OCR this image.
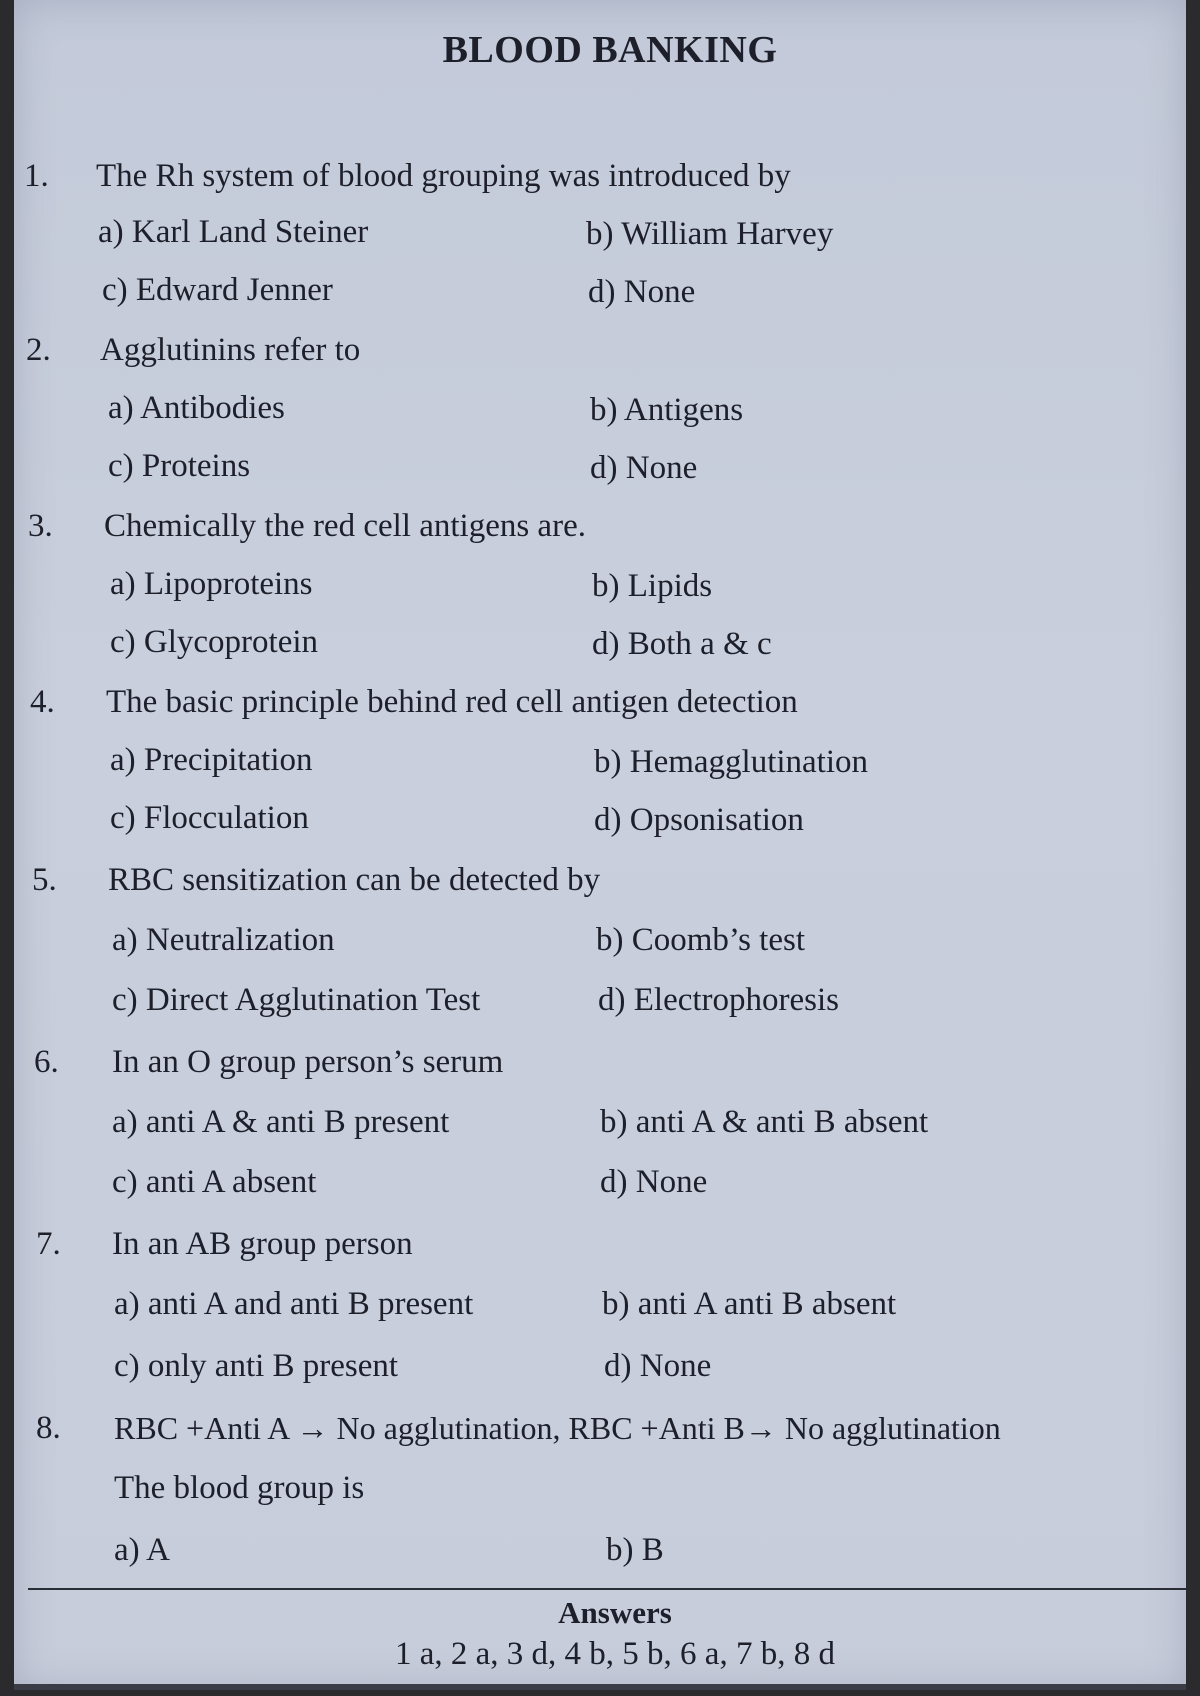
BLOOD BANKING
1. The Rh system of blood grouping was introduced by
a) Karl Land Steiner	b) William Harvey
c) Edward Jenner	d) None
2. Agglutinins refer to
a) Antibodies	b) Antigens
c) Proteins	d) None
3. Chemically the red cell antigens are.
a) Lipoproteins	b) Lipids
c) Glycoprotein	d) Both a & c
4. The basic principle behind red cell antigen detection
a) Precipitation	b) Hemagglutination
c) Flocculation	d) Opsonisation
5. RBC sensitization can be detected by
a) Neutralization	b) Coomb’s test
c) Direct Agglutination Test	d) Electrophoresis
6. In an O group person’s serum
a) anti A & anti B present	b) anti A & anti B absent
c) anti A absent	d) None
7. In an AB group person
a) anti A and anti B present	b) anti A anti B absent
c) only anti B present	d) None
8. RBC +Anti A → No agglutination, RBC +Anti B→ No agglutination
The blood group is
a) A	b) B
Answers
1 a, 2 a, 3 d, 4 b, 5 b, 6 a, 7 b, 8 d
